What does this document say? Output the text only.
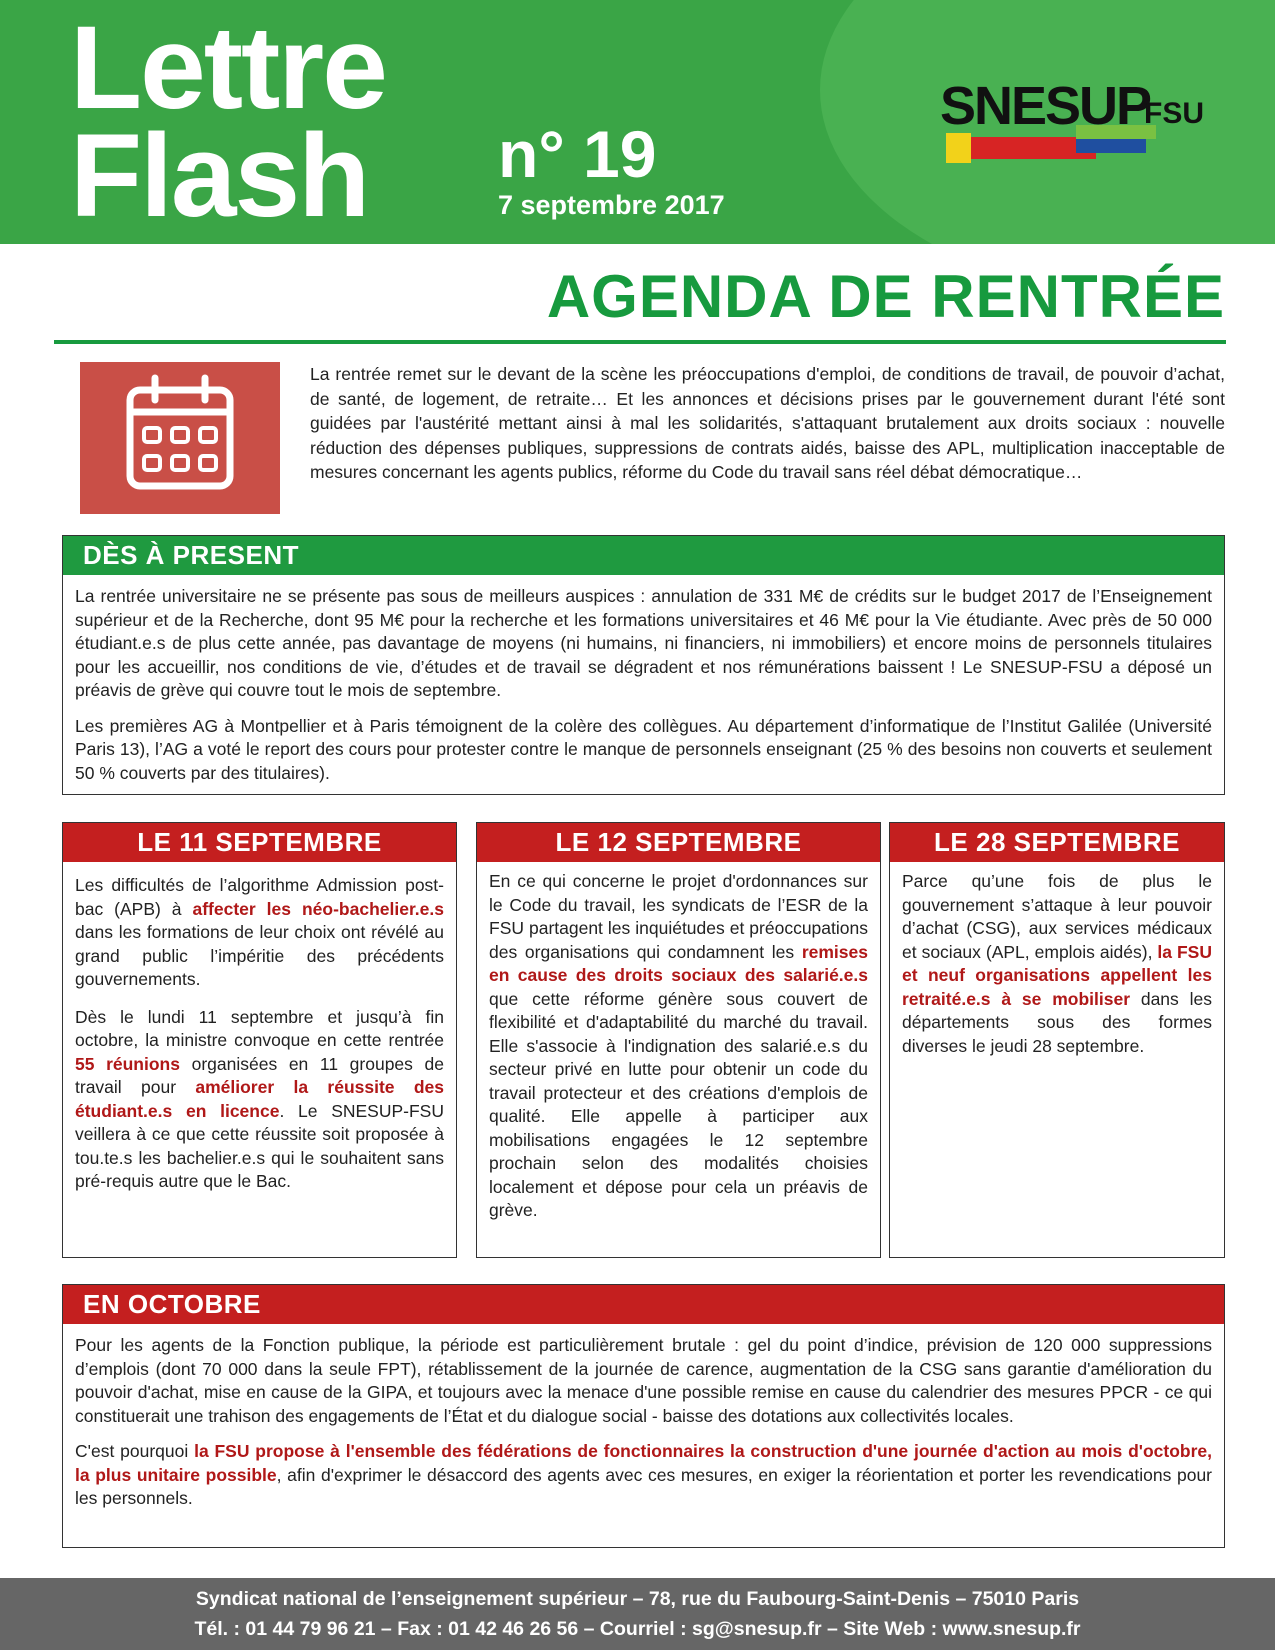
Lettre
Flash n° 19
7 septembre 2017
SNESUP
FSU
AGENDA DE RENTRÉE
La rentrée remet sur le devant de la scène les préoccupations d'emploi, de conditions de travail, de pouvoir d’achat, de santé, de logement, de retraite… Et les annonces et décisions prises par le gouvernement durant l'été sont guidées par l'austérité mettant ainsi à mal les solidarités, s'attaquant brutalement aux droits sociaux : nouvelle réduction des dépenses publiques, suppressions de contrats aidés, baisse des APL, multiplication inacceptable de mesures concernant les agents publics, réforme du Code du travail sans réel débat démocratique…
DÈS À PRESENT

La rentrée universitaire ne se présente pas sous de meilleurs auspices : annulation de 331 M€ de crédits sur le budget 2017 de l’Enseignement supérieur et de la Recherche, dont 95 M€ pour la recherche et les formations universitaires et 46 M€ pour la Vie étudiante. Avec près de 50 000 étudiant.e.s de plus cette année, pas davantage de moyens (ni humains, ni financiers, ni immobiliers) et encore moins de personnels titulaires pour les accueillir, nos conditions de vie, d’études et de travail se dégradent et nos rémunérations baissent ! Le SNESUP-FSU a déposé un préavis de grève qui couvre tout le mois de septembre.

Les premières AG à Montpellier et à Paris témoignent de la colère des collègues. Au département d’informatique de l’Institut Galilée (Université Paris 13), l’AG a voté le report des cours pour protester contre le manque de personnels enseignant (25 % des besoins non couverts et seulement 50 % couverts par des titulaires).

LE 11 SEPTEMBRE

Les difficultés de l’algorithme Admission post-bac (APB) à affecter les néo-bachelier.e.s dans les formations de leur choix ont révélé au grand public l’impéritie des précédents gouvernements.

Dès le lundi 11 septembre et jusqu’à fin octobre, la ministre convoque en cette rentrée 55 réunions organisées en 11 groupes de travail pour améliorer la réussite des étudiant.e.s en licence. Le SNESUP-FSU veillera à ce que cette réussite soit proposée à tou.te.s les bachelier.e.s qui le souhaitent sans pré-requis autre que le Bac.

LE 12 SEPTEMBRE

En ce qui concerne le projet d'ordonnances sur le Code du travail, les syndicats de l’ESR de la FSU partagent les inquiétudes et préoccupations des organisations qui condamnent les remises en cause des droits sociaux des salarié.e.s que cette réforme génère sous couvert de flexibilité et d'adaptabilité du marché du travail. Elle s'associe à l'indignation des salarié.e.s du secteur privé en lutte pour obtenir un code du travail protecteur et des créations d'emplois de qualité. Elle appelle à participer aux mobilisations engagées le 12 septembre prochain selon des modalités choisies localement et dépose pour cela un préavis de grève.

LE 28 SEPTEMBRE

Parce qu’une fois de plus le gouvernement s’attaque à leur pouvoir d’achat (CSG), aux services médicaux et sociaux (APL, emplois aidés), la FSU et neuf organisations appellent les retraité.e.s à se mobiliser dans les départements sous des formes diverses le jeudi 28 septembre.

EN OCTOBRE

Pour les agents de la Fonction publique, la période est particulièrement brutale : gel du point d’indice, prévision de 120 000 suppressions d’emplois (dont 70 000 dans la seule FPT), rétablissement de la journée de carence, augmentation de la CSG sans garantie d'amélioration du pouvoir d'achat, mise en cause de la GIPA, et toujours avec la menace d'une possible remise en cause du calendrier des mesures PPCR - ce qui constituerait une trahison des engagements de l’État et du dialogue social - baisse des dotations aux collectivités locales.

C'est pourquoi la FSU propose à l'ensemble des fédérations de fonctionnaires la construction d'une journée d'action au mois d'octobre, la plus unitaire possible, afin d'exprimer le désaccord des agents avec ces mesures, en exiger la réorientation et porter les revendications pour les personnels.

Syndicat national de l’enseignement supérieur – 78, rue du Faubourg-Saint-Denis – 75010 Paris
Tél. : 01 44 79 96 21 – Fax : 01 42 46 26 56 – Courriel : sg@snesup.fr – Site Web : www.snesup.fr
